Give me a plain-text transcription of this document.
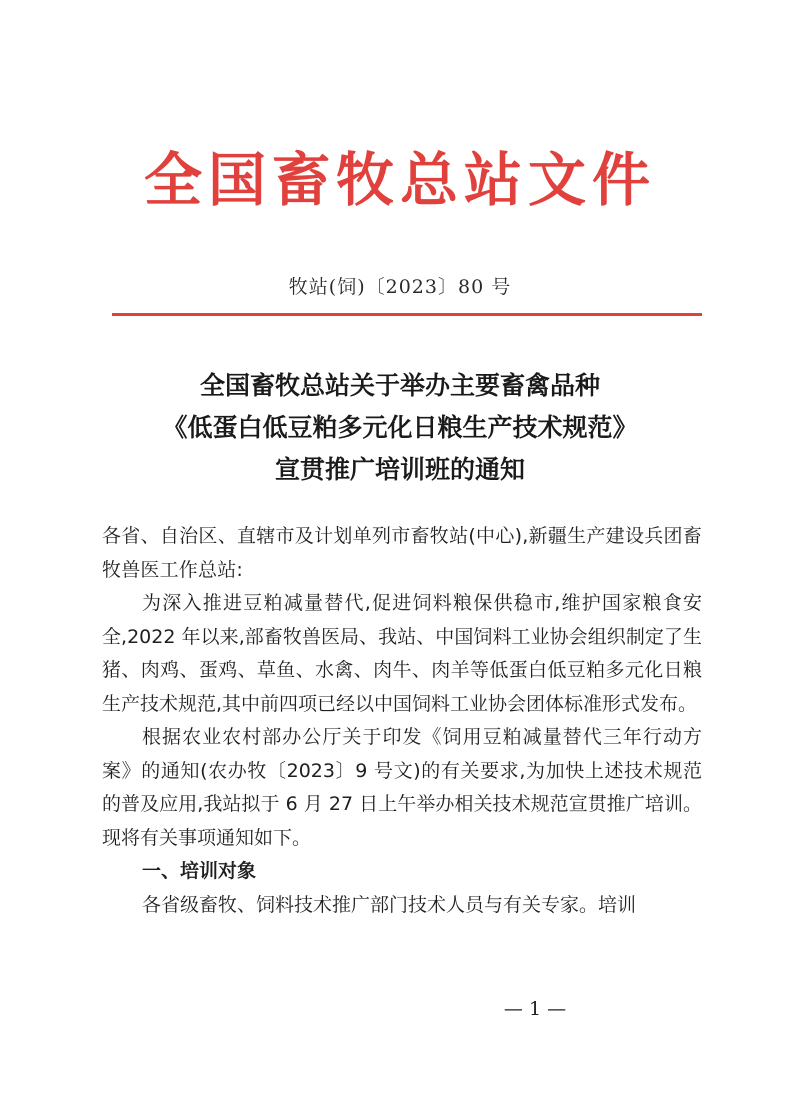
全国畜牧总站文件
牧站(饲)〔2023〕80 号
全国畜牧总站关于举办主要畜禽品种
《低蛋白低豆粕多元化日粮生产技术规范》
宣贯推广培训班的通知

各省、自治区、直辖市及计划单列市畜牧站(中心),新疆生产建设兵团畜牧兽医工作总站:

为深入推进豆粕减量替代,促进饲料粮保供稳市,维护国家粮食安全,2022 年以来,部畜牧兽医局、我站、中国饲料工业协会组织制定了生猪、肉鸡、蛋鸡、草鱼、水禽、肉牛、肉羊等低蛋白低豆粕多元化日粮生产技术规范,其中前四项已经以中国饲料工业协会团体标准形式发布。

根据农业农村部办公厅关于印发《饲用豆粕减量替代三年行动方案》的通知(农办牧〔2023〕9 号文)的有关要求,为加快上述技术规范的普及应用,我站拟于 6 月 27 日上午举办相关技术规范宣贯推广培训。现将有关事项通知如下。

一、培训对象

各省级畜牧、饲料技术推广部门技术人员与有关专家。培训

— 1 —
